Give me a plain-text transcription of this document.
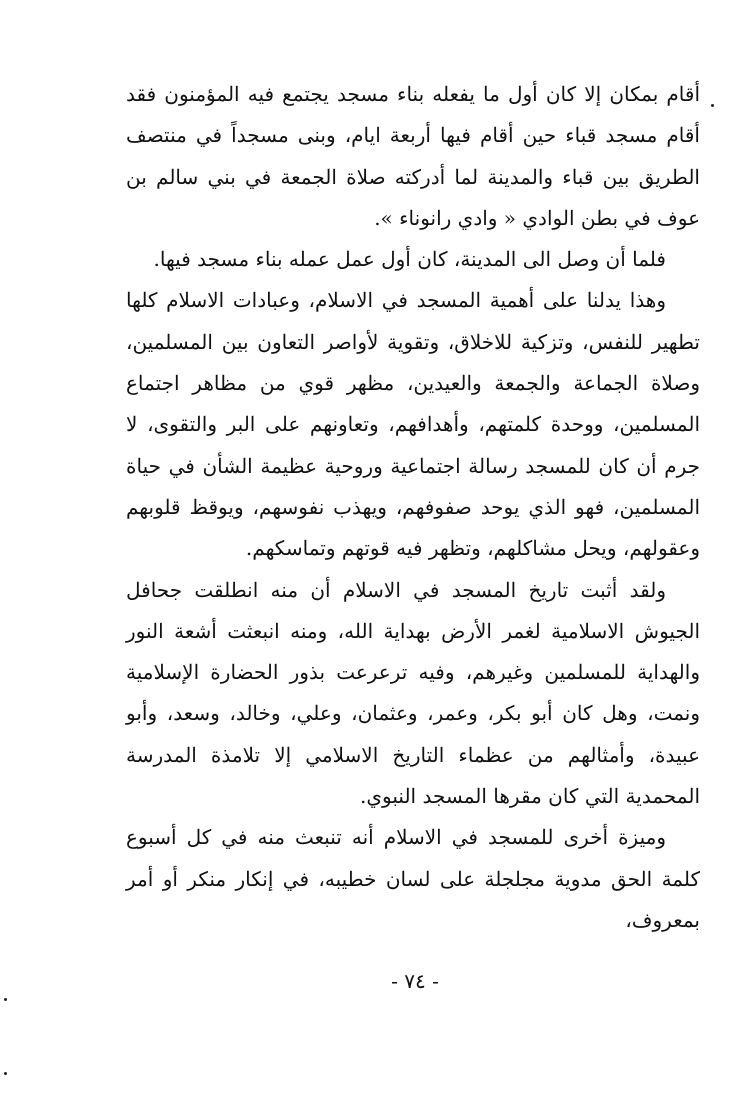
أقام بمكان إلا كان أول ما يفعله بناء مسجد يجتمع فيه المؤمنون فقد أقام مسجد قباء حين أقام فيها أربعة ايام، وبنى مسجداً في منتصف الطريق بين قباء والمدينة لما أدركته صلاة الجمعة في بني سالم بن عوف في بطن الوادي « وادي رانوناء ».

فلما أن وصل الى المدينة، كان أول عمل عمله بناء مسجد فيها.

وهذا يدلنا على أهمية المسجد في الاسلام، وعبادات الاسلام كلها تطهير للنفس، وتزكية للاخلاق، وتقوية لأواصر التعاون بين المسلمين، وصلاة الجماعة والجمعة والعيدين، مظهر قوي من مظاهر اجتماع المسلمين، ووحدة كلمتهم، وأهدافهم، وتعاونهم على البر والتقوى، لا جرم أن كان للمسجد رسالة اجتماعية وروحية عظيمة الشأن في حياة المسلمين، فهو الذي يوحد صفوفهم، ويهذب نفوسهم، ويوقظ قلوبهم وعقولهم، ويحل مشاكلهم، وتظهر فيه قوتهم وتماسكهم.

ولقد أثبت تاريخ المسجد في الاسلام أن منه انطلقت جحافل الجيوش الاسلامية لغمر الأرض بهداية الله، ومنه انبعثت أشعة النور والهداية للمسلمين وغيرهم، وفيه ترعرعت بذور الحضارة الإسلامية ونمت، وهل كان أبو بكر، وعمر، وعثمان، وعلي، وخالد، وسعد، وأبو عبيدة، وأمثالهم من عظماء التاريخ الاسلامي إلا تلامذة المدرسة المحمدية التي كان مقرها المسجد النبوي.

وميزة أخرى للمسجد في الاسلام أنه تنبعث منه في كل أسبوع كلمة الحق مدوية مجلجلة على لسان خطيبه، في إنكار منكر أو أمر بمعروف،

- ٧٤ -
